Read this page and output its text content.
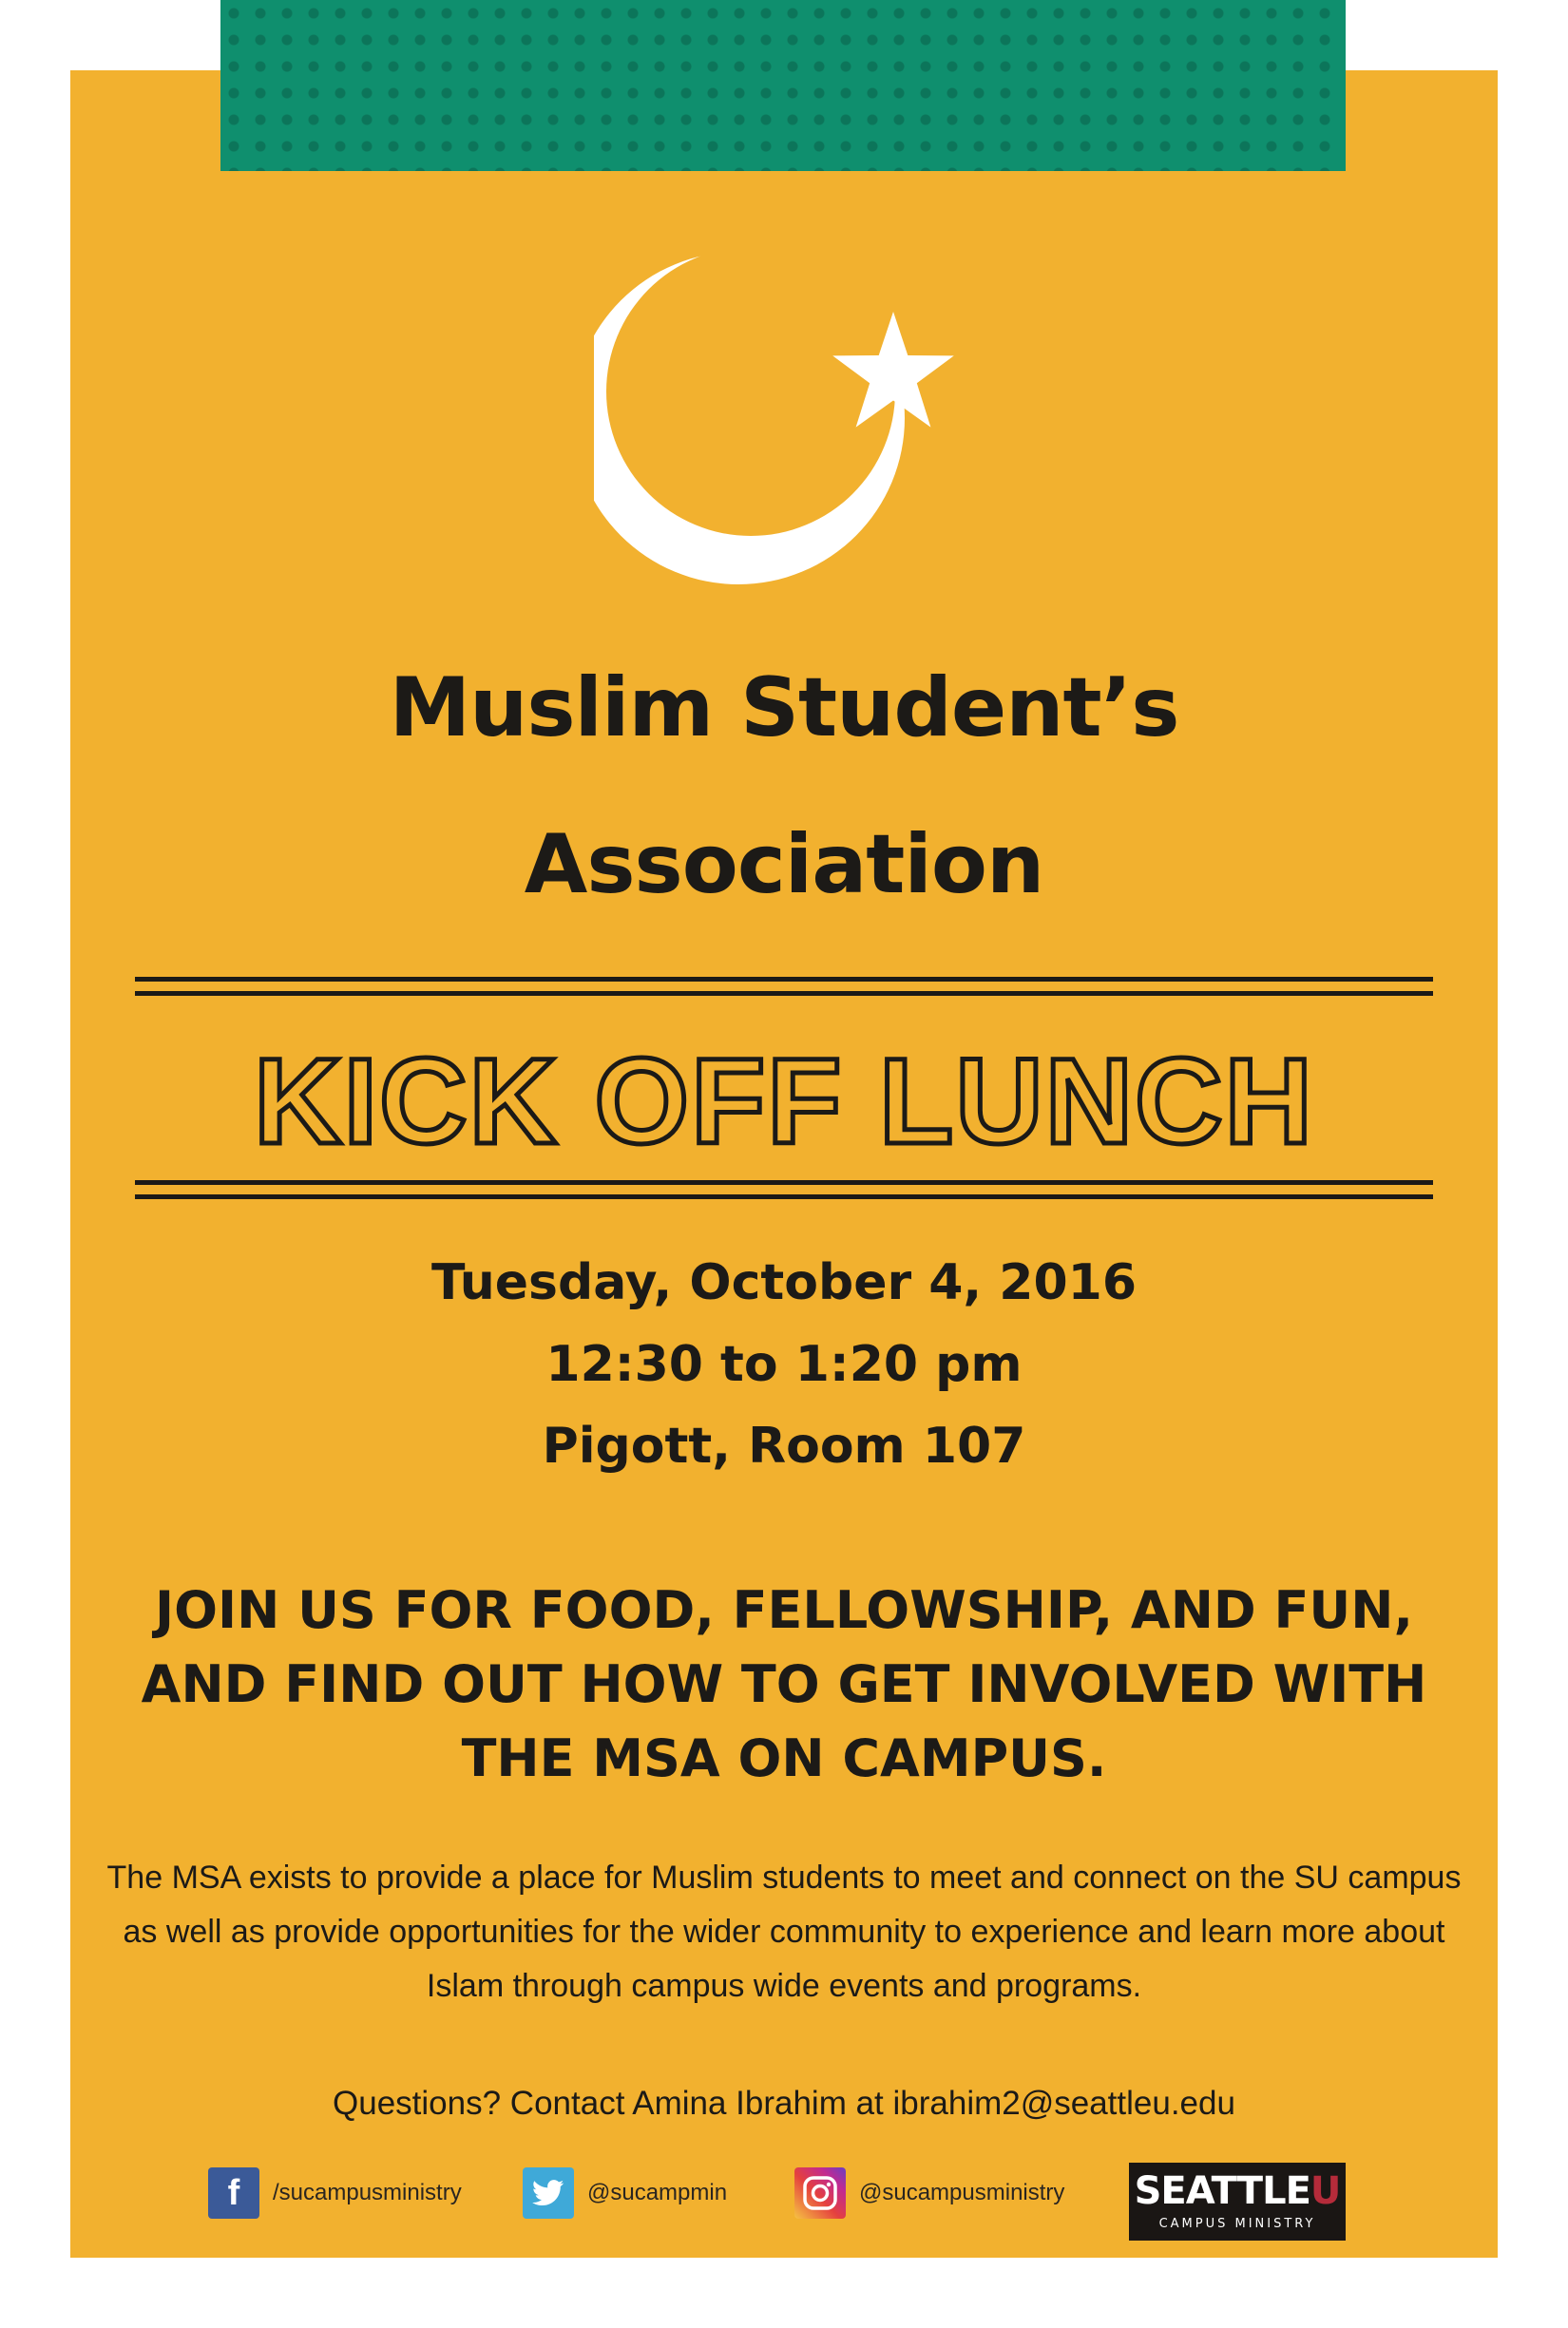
Muslim Student’s
Association
KICK OFF LUNCH
Tuesday, October 4, 2016
12:30 to 1:20 pm
Pigott, Room 107
JOIN US FOR FOOD, FELLOWSHIP, AND FUN,
AND FIND OUT HOW TO GET INVOLVED WITH
THE MSA ON CAMPUS.
The MSA exists to provide a place for Muslim students to meet and connect on the SU campus
as well as provide opportunities for the wider community to experience and learn more about
Islam through campus wide events and programs.
Questions? Contact Amina Ibrahim at ibrahim2@seattleu.edu
f	/sucampusministry	@sucampmin	@sucampusministry SEATTLEU
CAMPUS MINISTRY
